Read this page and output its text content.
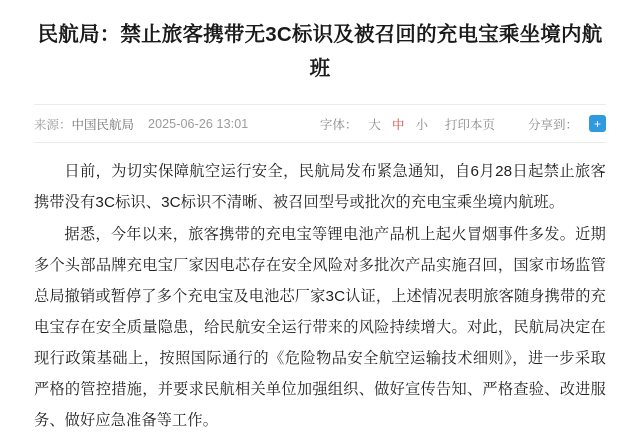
民航局：禁止旅客携带无3C标识及被召回的充电宝乘坐境内航班
来源：中国民航局 2025-06-26 13:01	字体： 大 中 小 打印本页	分享到：	+

日前，为切实保障航空运行安全，民航局发布紧急通知，自6月28日起禁止旅客携带没有3C标识、3C标识不清晰、被召回型号或批次的充电宝乘坐境内航班。

据悉，今年以来，旅客携带的充电宝等锂电池产品机上起火冒烟事件多发。近期多个头部品牌充电宝厂家因电芯存在安全风险对多批次产品实施召回，国家市场监管总局撤销或暂停了多个充电宝及电池芯厂家3C认证，上述情况表明旅客随身携带的充电宝存在安全质量隐患，给民航安全运行带来的风险持续增大。对此，民航局决定在现行政策基础上，按照国际通行的《危险物品安全航空运输技术细则》，进一步采取严格的管控措施，并要求民航相关单位加强组织、做好宣传告知、严格查验、改进服务、做好应急准备等工作。
